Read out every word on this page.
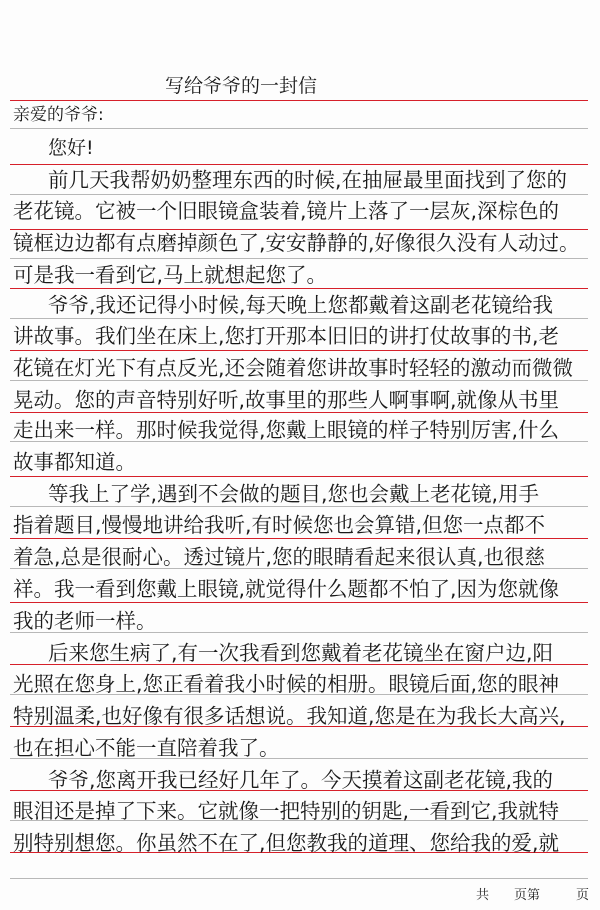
写给爷爷的一封信
亲爱的爷爷:
您好!
前几天我帮奶奶整理东西的时候,在抽屉最里面找到了您的
老花镜。它被一个旧眼镜盒装着,镜片上落了一层灰,深棕色的
镜框边边都有点磨掉颜色了,安安静静的,好像很久没有人动过。
可是我一看到它,马上就想起您了。
爷爷,我还记得小时候,每天晚上您都戴着这副老花镜给我
讲故事。我们坐在床上,您打开那本旧旧的讲打仗故事的书,老
花镜在灯光下有点反光,还会随着您讲故事时轻轻的激动而微微
晃动。您的声音特别好听,故事里的那些人啊事啊,就像从书里
走出来一样。那时候我觉得,您戴上眼镜的样子特别厉害,什么
故事都知道。
等我上了学,遇到不会做的题目,您也会戴上老花镜,用手
指着题目,慢慢地讲给我听,有时候您也会算错,但您一点都不
着急,总是很耐心。透过镜片,您的眼睛看起来很认真,也很慈
祥。我一看到您戴上眼镜,就觉得什么题都不怕了,因为您就像
我的老师一样。
后来您生病了,有一次我看到您戴着老花镜坐在窗户边,阳
光照在您身上,您正看着我小时候的相册。眼镜后面,您的眼神
特别温柔,也好像有很多话想说。我知道,您是在为我长大高兴,
也在担心不能一直陪着我了。
爷爷,您离开我已经好几年了。今天摸着这副老花镜,我的
眼泪还是掉了下来。它就像一把特别的钥匙,一看到它,我就特
别特别想您。你虽然不在了,但您教我的道理、您给我的爱,就
共 页第	页
